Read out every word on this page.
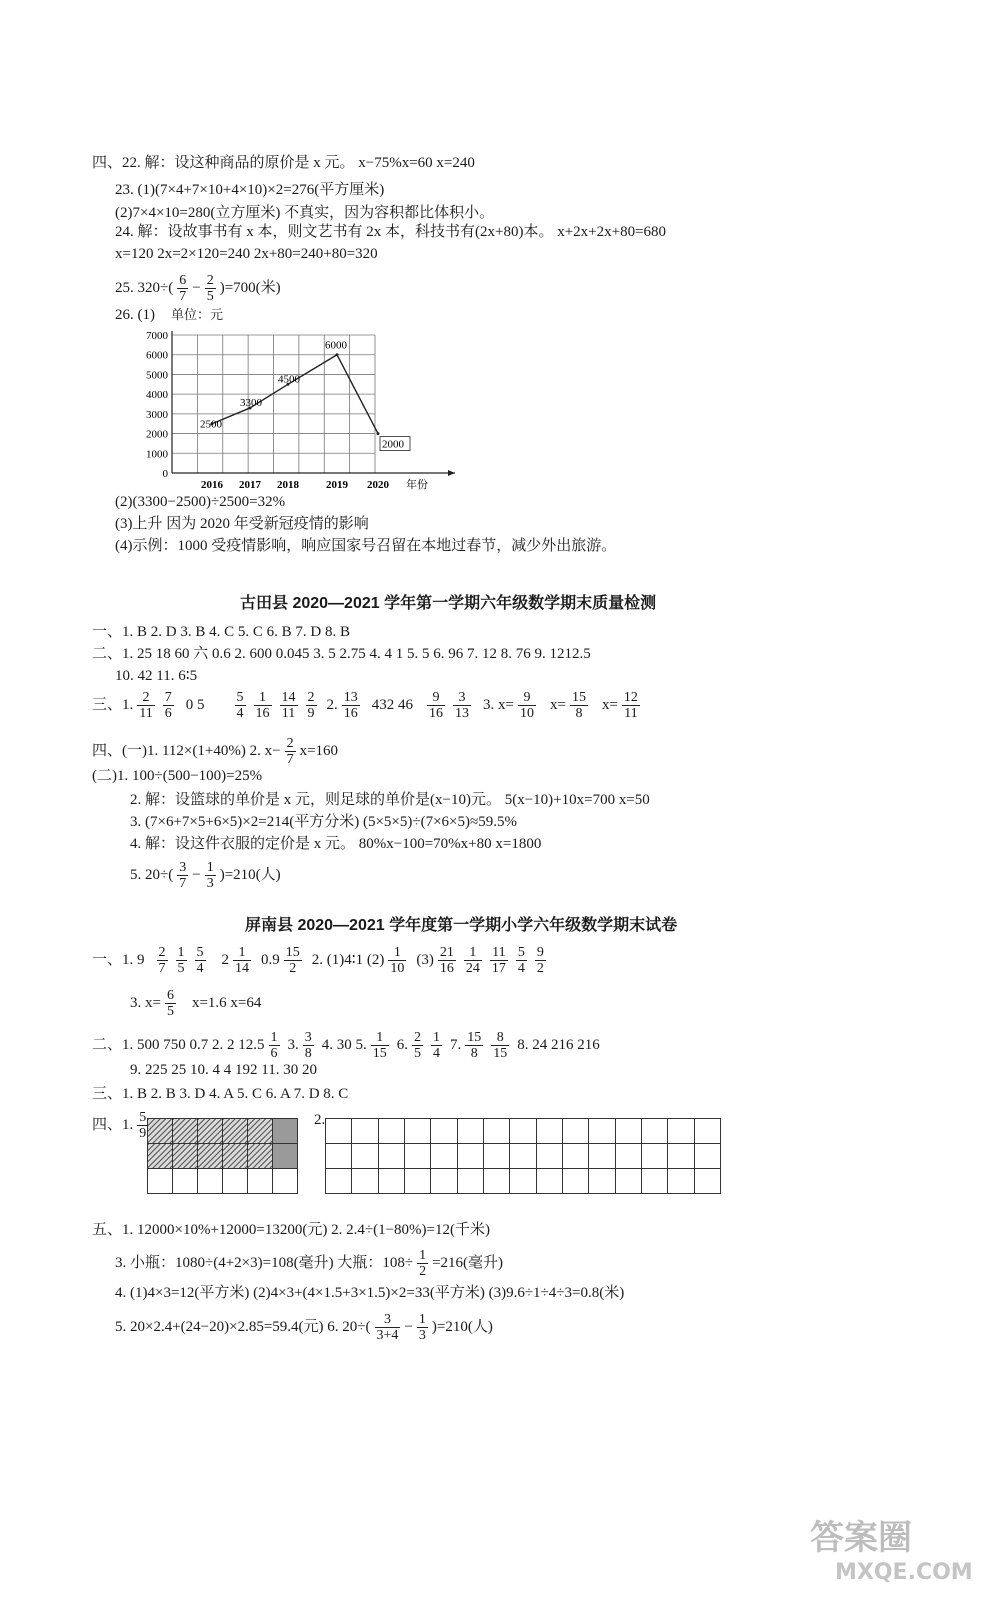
四、22. 解：设这种商品的原价是 x 元。 x−75%x=60 x=240
23. (1)(7×4+7×10+4×10)×2=276(平方厘米)
(2)7×4×10=280(立方厘米) 不真实，因为容积都比体积小。
24. 解：设故事书有 x 本，则文艺书有 2x 本，科技书有(2x+80)本。 x+2x+2x+80=680
x=120 2x=2×120=240 2x+80=240+80=320
25. $320\div( \frac{6}{7} - \frac{2}{5} )=700$(米)
26. (1) 单位：元
0
1000
2000
3000
4000
5000
6000
7000
2500
3300
4500
6000
2000
2016 2017 2018 2019 2020 年份
(2)(3300−2500)÷2500=32%
(3)上升 因为 2020 年受新冠疫情的影响
(4)示例：1000 受疫情影响，响应国家号召留在本地过春节，减少外出旅游。
古田县 2020—2021 学年第一学期六年级数学期末质量检测
一、1. B 2. D 3. B 4. C 5. C 6. B 7. D 8. B
二、1. 25 18 60 六 0.6 2. 600 0.045 3. 5 2.75 4. 4 1 5. 5 6. 96 7. 12 8. 76 9. 1212.5
10. 42 11. 6∶5
三、1. $\frac{2}{11} \frac{7}{6} 0$ $5 \frac{5}{4} \frac{1}{16} \frac{14}{11} \frac{2}{9} 2$. $\frac{13}{16} 432$ $46 \frac{9}{16} \frac{3}{13} 3$. $x= \frac{9}{10} x= \frac{15}{8} x= \frac{12}{11}$
四、(一)1. 112×(1+40%) 2. $x- \frac{2}{7} x=160$
(二)1. 100÷(500−100)=25%
2. 解：设篮球的单价是 x 元，则足球的单价是(x−10)元。 5(x−10)+10x=700 x=50
3. (7×6+7×5+6×5)×2=214(平方分米) (5×5×5)÷(7×6×5)≈59.5%
4. 解：设这件衣服的定价是 x 元。 80%x−100=70%x+80 x=1800
5. $20\div( \frac{3}{7} - \frac{1}{3} )=210$(人)
屏南县 2020—2021 学年度第一学期小学六年级数学期末试卷
一、1. $9 \frac{2}{7} \frac{1}{5} \frac{5}{4} 2 \frac{1}{14} 0.9 \frac{15}{2} 2$. (1)4∶1 $(2) \frac{1}{10} (3) \frac{21}{16} \frac{1}{24} \frac{11}{17} \frac{5}{4} \frac{9}{2}$
3. $x= \frac{6}{5} x=1.6$ x=64
二、1. 500 750 0.7 2. 2 $12.5 \frac{1}{6} 3$. $\frac{3}{8} 4$. 30 5. $\frac{1}{15} 6$. $\frac{2}{5} \frac{1}{4} 7$. $\frac{15}{8} \frac{8}{15} 8$. 24 216 216
9. 225 25 10. 4 4 192 11. 30 20
三、1. B 2. B 3. D 4. A 5. C 6. A 7. D 8. C
四、1. $\frac{5}{9}$	2.
五、1. 12000×10%+12000=13200(元) 2. 2.4÷(1−80%)=12(千米)
3. 小瓶：1080÷(4+2×3)=108(毫升) 大瓶：$108\div \frac{1}{2} =216$(毫升)
4. (1)4×3=12(平方米) (2)4×3+(4×1.5+3×1.5)×2=33(平方米) (3)9.6÷1÷4÷3=0.8(米)
5. 20×2.4+(24−20)×2.85=59.4(元) 6. $20\div( \frac{3}{3+4} - \frac{1}{3} )=210$(人)
答案圈
MXQE.COM
